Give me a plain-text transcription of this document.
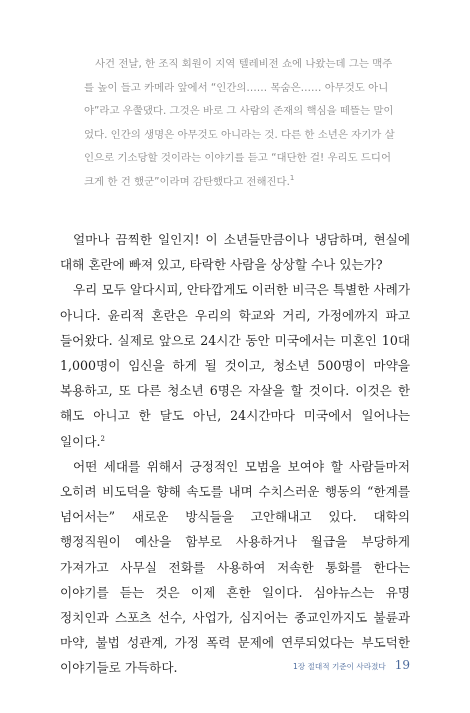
사건 전날, 한 조직 회원이 지역 텔레비전 쇼에 나왔는데 그는 맥주를 높이 들고 카메라 앞에서 “인간의…… 목숨은…… 아무것도 아니야”라고 우쭐댔다. 그것은 바로 그 사람의 존재의 핵심을 떼뜰는 말이었다. 인간의 생명은 아무것도 아니라는 것. 다른 한 소년은 자기가 살인으로 기소당할 것이라는 이야기를 듣고 “대단한 걸! 우리도 드디어 크게 한 건 했군”이라며 감탄했다고 전해진다.$^1$

얼마나 끔찍한 일인지! 이 소년들만큼이나 냉담하며, 현실에 대해 혼란에 빠져 있고, 타락한 사람을 상상할 수나 있는가?

우리 모두 알다시피, 안타깝게도 이러한 비극은 특별한 사례가 아니다. 윤리적 혼란은 우리의 학교와 거리, 가정에까지 파고 들어왔다. 실제로 앞으로 24시간 동안 미국에서는 미혼인 10대 1,000명이 임신을 하게 될 것이고, 청소년 500명이 마약을 복용하고, 또 다른 청소년 6명은 자살을 할 것이다. 이것은 한 해도 아니고 한 달도 아닌, 24시간마다 미국에서 일어나는 일이다.$^2$

어떤 세대를 위해서 긍정적인 모범을 보여야 할 사람들마저 오히려 비도덕을 향해 속도를 내며 수치스러운 행동의 “한계를 넘어서는” 새로운 방식들을 고안해내고 있다. 대학의 행정직원이 예산을 함부로 사용하거나 월급을 부당하게 가져가고 사무실 전화를 사용하여 저속한 통화를 한다는 이야기를 듣는 것은 이제 흔한 일이다. 심야뉴스는 유명 정치인과 스포츠 선수, 사업가, 심지어는 종교인까지도 불륜과 마약, 불법 성관계, 가정 폭력 문제에 연루되었다는 부도덕한 이야기들로 가득하다.	1장 절대적 기준이 사라졌다 19
